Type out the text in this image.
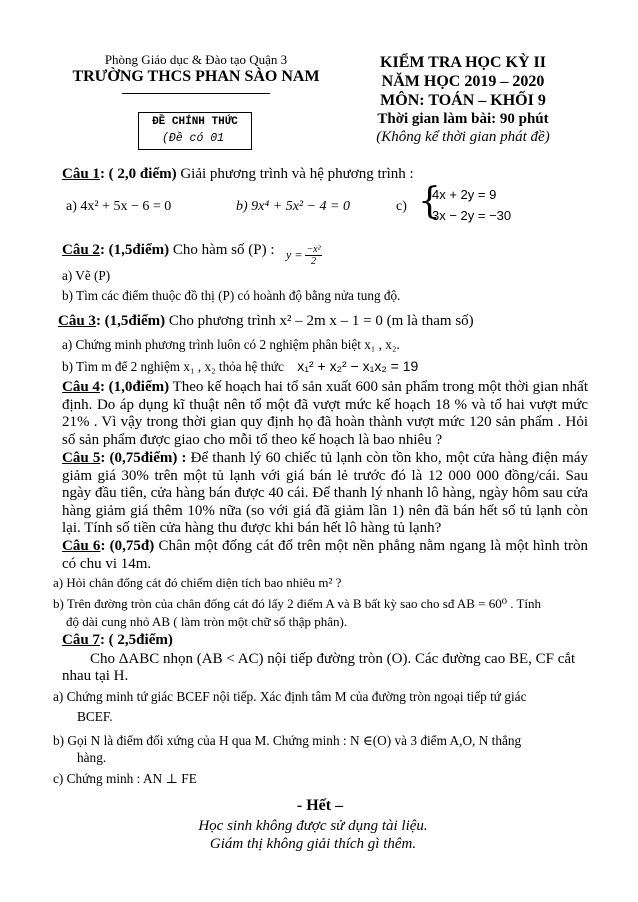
Phòng Giáo dục & Đào tạo Quận 3
TRƯỜNG THCS PHAN SÀO NAM
ĐỀ CHÍNH THỨC
(Đề có 01
KIỂM TRA HỌC KỲ II
NĂM HỌC 2019 – 2020
MÔN: TOÁN – KHỐI 9
Thời gian làm bài: 90 phút
(Không kể thời gian phát đề)
Câu 1: ( 2,0 điểm) Giải phương trình và hệ phương trình :
a) 4x² + 5x − 6 = 0	b) 9x⁴ + 5x² − 4 = 0	c) {
4x + 2y = 9
3x − 2y = −30
Câu 2: (1,5điểm) Cho hàm số (P) : $y = \frac{\text{−x²}}{2}$
a) Vẽ (P)
b) Tìm các điểm thuộc đồ thị (P) có hoành độ bằng nửa tung độ.
Câu 3: (1,5điểm) Cho phương trình x² – 2m x – 1 = 0 (m là tham số)
a) Chứng minh phương trình luôn có 2 nghiệm phân biệt x₁ , x₂.
b) Tìm m để 2 nghiệm x₁ , x₂ thỏa hệ thức x₁² + x₂² − x₁x₂ = 19
Câu 4: (1,0điểm) Theo kế hoạch hai tổ sản xuất 600 sản phẩm trong một thời gian nhất định. Do áp dụng kĩ thuật nên tổ một đã vượt mức kế hoạch 18 % và tổ hai vượt mức 21% . Vì vậy trong thời gian quy định họ đã hoàn thành vượt mức 120 sản phẩm . Hỏi số sản phẩm được giao cho mỗi tổ theo kế hoạch là bao nhiêu ?
Câu 5: (0,75điểm) : Để thanh lý 60 chiếc tủ lạnh còn tồn kho, một cửa hàng điện máy giảm giá 30% trên một tủ lạnh với giá bán lẻ trước đó là 12 000 000 đồng/cái. Sau ngày đầu tiên, cửa hàng bán được 40 cái. Để thanh lý nhanh lô hàng, ngày hôm sau cửa hàng giảm giá thêm 10% nữa (so với giá đã giảm lần 1) nên đã bán hết số tủ lạnh còn lại. Tính số tiền cửa hàng thu được khi bán hết lô hàng tủ lạnh?
Câu 6: (0,75đ) Chân một đống cát đổ trên một nền phẳng nằm ngang là một hình tròn có chu vi 14m.
a) Hỏi chân đống cát đó chiếm diện tích bao nhiêu m² ?
b) Trên đường tròn của chân đống cát đó lấy 2 điểm A và B bất kỳ sao cho sđ AB = 60⁰ . Tính
độ dài cung nhỏ AB ( làm tròn một chữ số thập phân).
Câu 7: ( 2,5điểm)
Cho ΔABC nhọn (AB < AC) nội tiếp đường tròn (O). Các đường cao BE, CF cắt
nhau tại H.
a) Chứng minh tứ giác BCEF nội tiếp. Xác định tâm M của đường tròn ngoại tiếp tứ giác
BCEF.
b) Gọi N là điểm đối xứng của H qua M. Chứng minh : N ∈(O) và 3 điểm A,O, N thẳng
hàng.
c) Chứng minh : AN ⊥ FE
- Hết –
Học sinh không được sử dụng tài liệu.
Giám thị không giải thích gì thêm.
